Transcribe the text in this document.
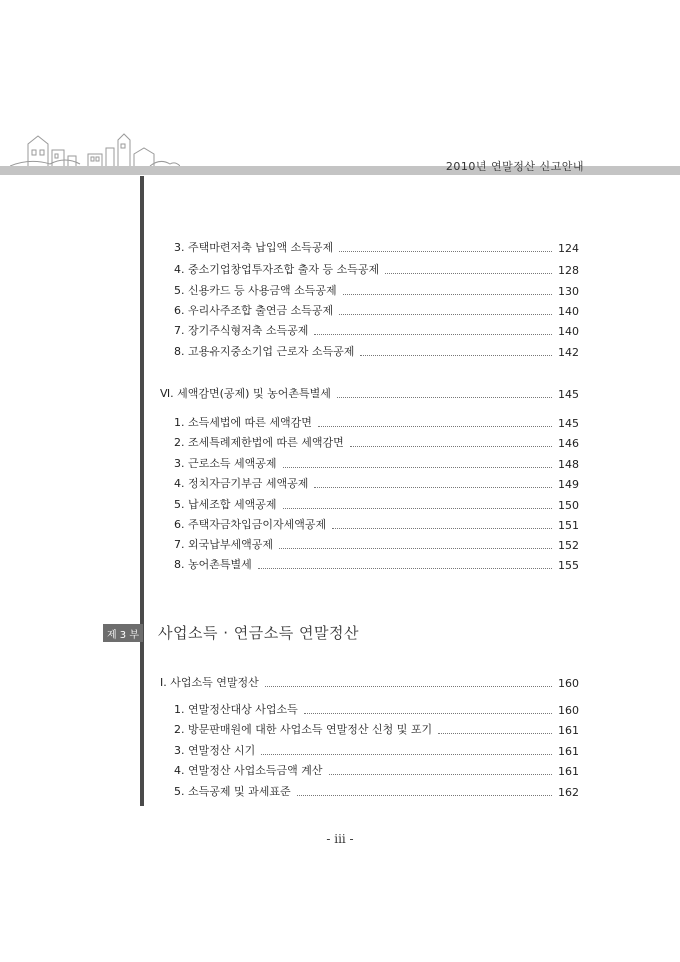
2010년 연말정산 신고안내
3. 주택마련저축 납입액 소득공제	124
4. 중소기업창업투자조합 출자 등 소득공제	128
5. 신용카드 등 사용금액 소득공제	130
6. 우리사주조합 출연금 소득공제	140
7. 장기주식형저축 소득공제	140
8. 고용유지중소기업 근로자 소득공제	142
Ⅵ. 세액감면(공제) 및 농어촌특별세	145
1. 소득세법에 따른 세액감면	145
2. 조세특례제한법에 따른 세액감면	146
3. 근로소득 세액공제	148
4. 정치자금기부금 세액공제	149
5. 납세조합 세액공제	150
6. 주택자금차입금이자세액공제	151
7. 외국납부세액공제	152
8. 농어촌특별세	155
제 3 부 사업소득 · 연금소득 연말정산
Ⅰ. 사업소득 연말정산	160
1. 연말정산대상 사업소득	160
2. 방문판매원에 대한 사업소득 연말정산 신청 및 포기	161
3. 연말정산 시기	161
4. 연말정산 사업소득금액 계산	161
5. 소득공제 및 과세표준	162
- iii -
